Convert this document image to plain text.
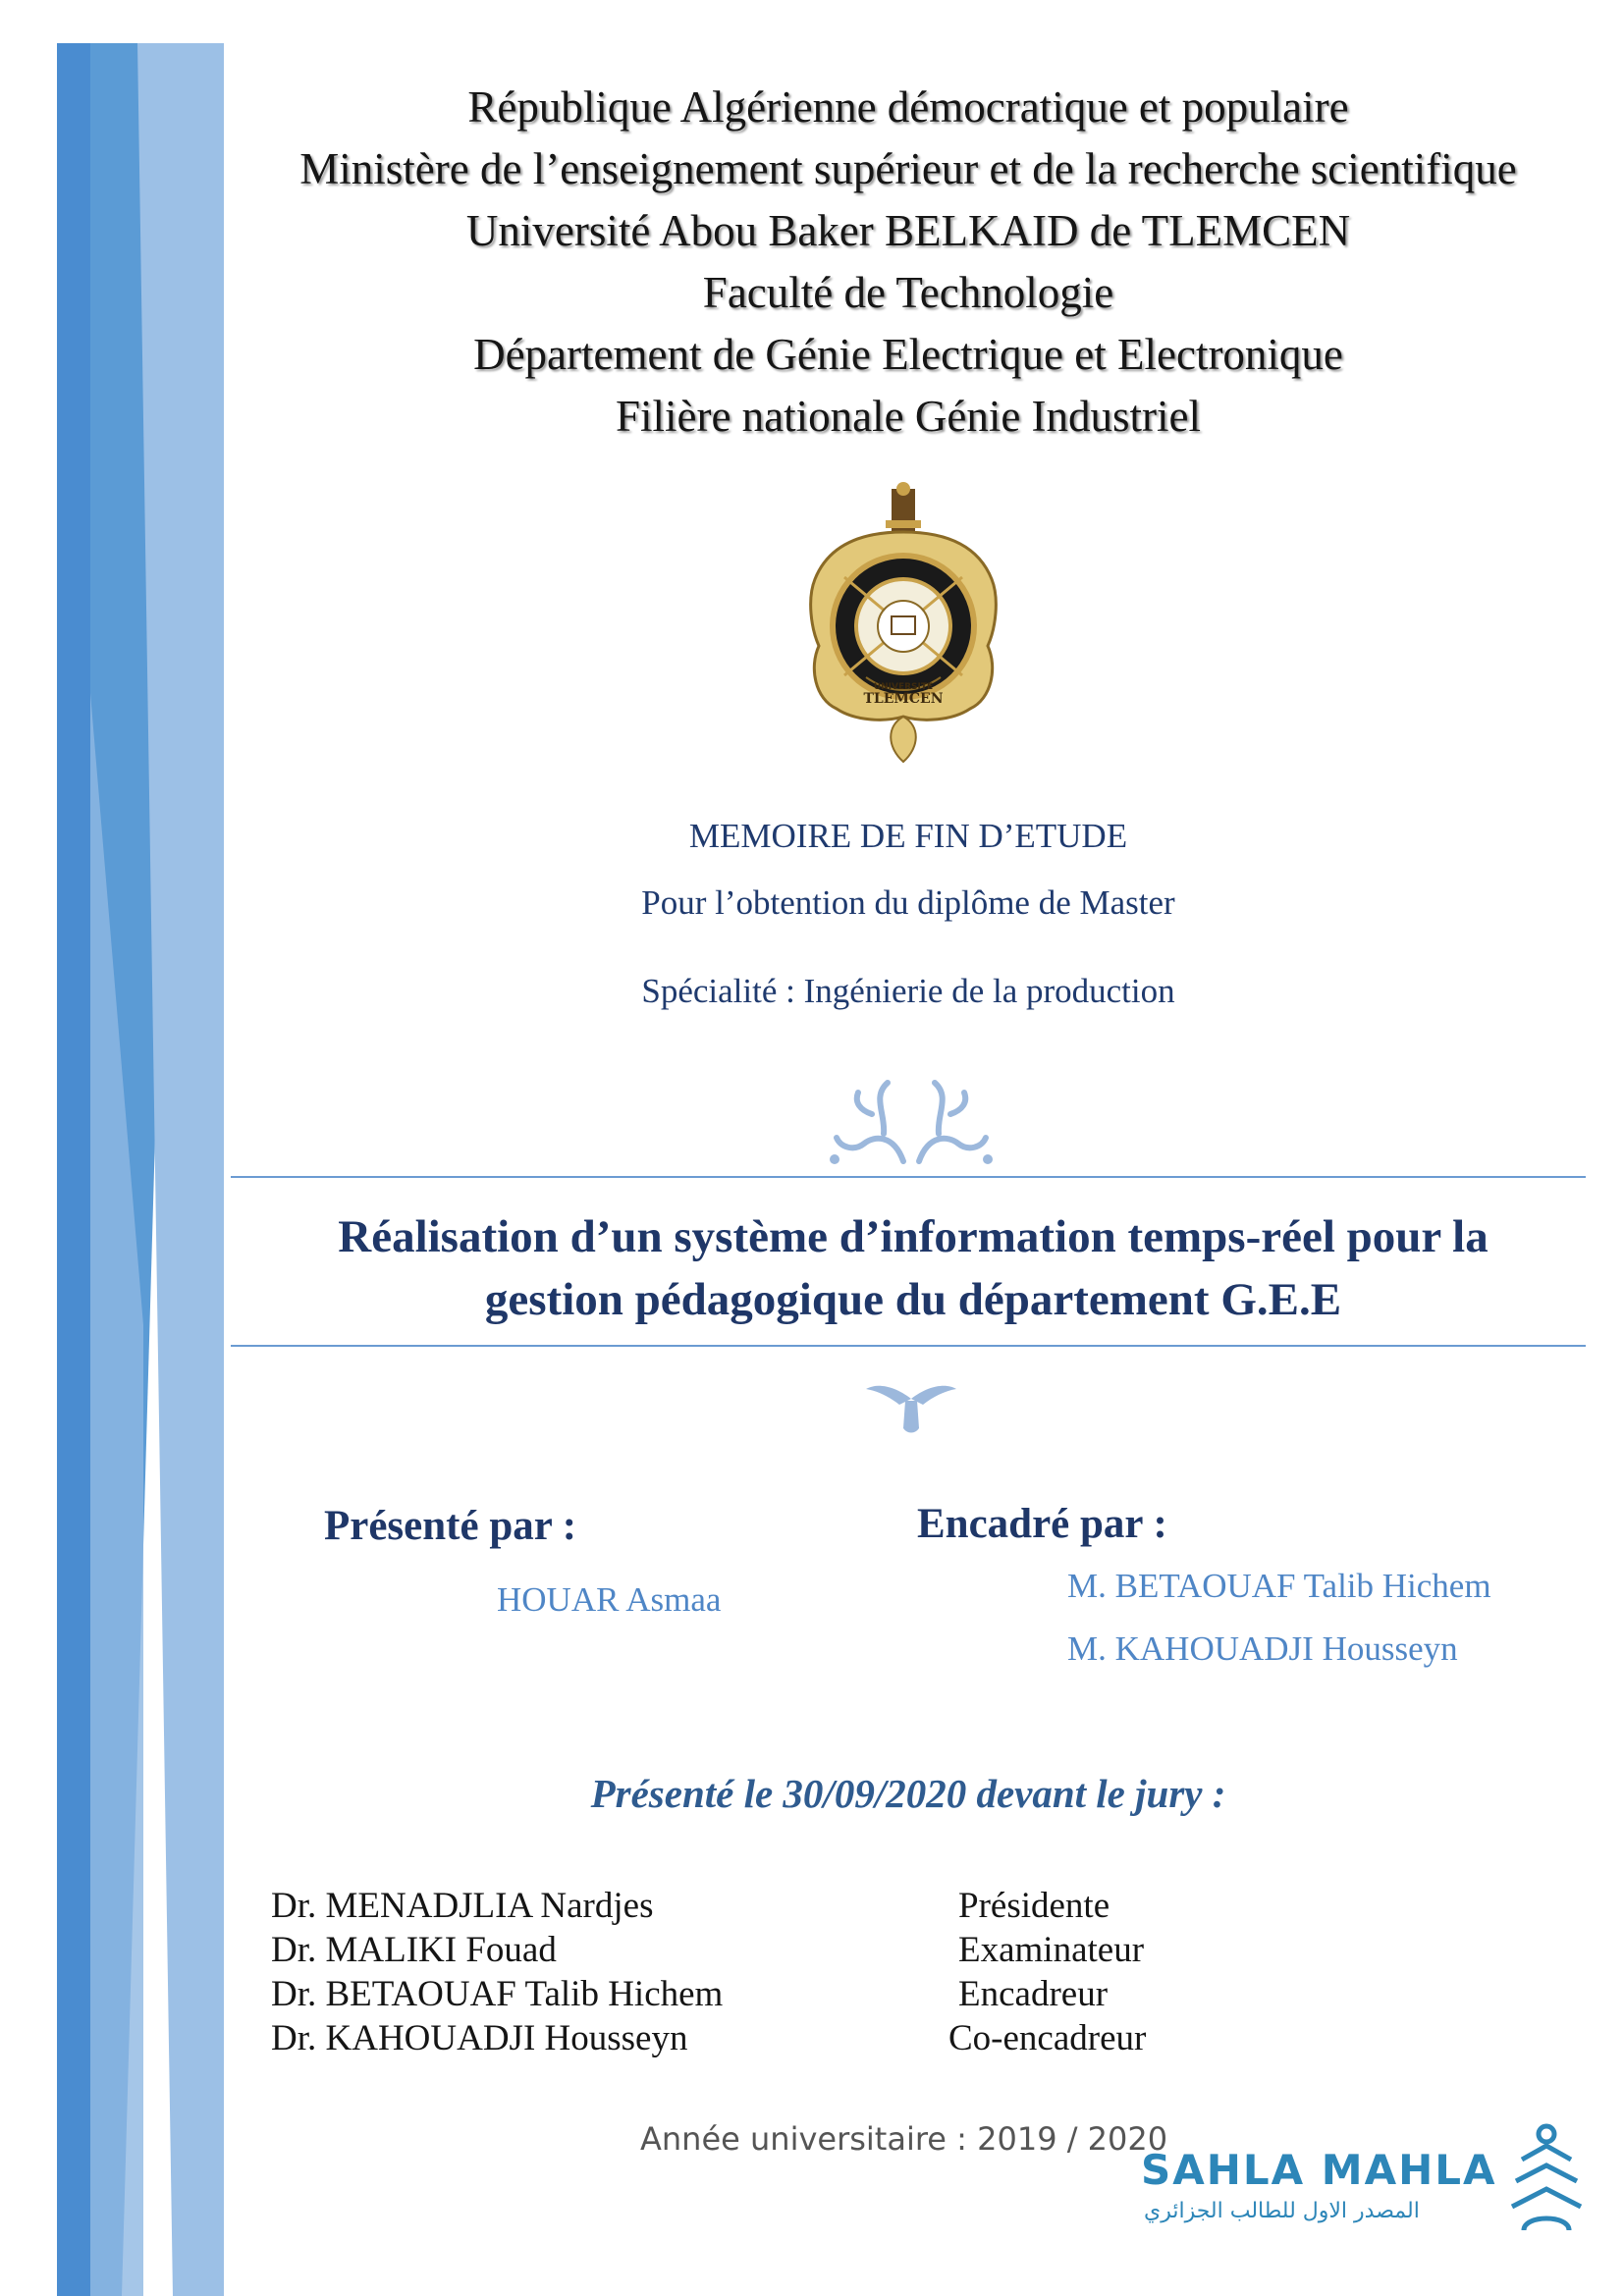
République Algérienne démocratique et populaire
Ministère de l’enseignement supérieur et de la recherche scientifique
Université Abou Baker BELKAID de TLEMCEN
Faculté de Technologie
Département de Génie Electrique et Electronique
Filière nationale Génie Industriel
UNIVERSITE
TLEMCEN
MEMOIRE DE FIN D’ETUDE
Pour l’obtention du diplôme de Master
Spécialité : Ingénierie de la production
Réalisation d’un système d’information temps-réel pour la
gestion pédagogique du département G.E.E
Présenté par :
HOUAR Asmaa
Encadré par :
M. BETAOUAF Talib Hichem
M. KAHOUADJI Housseyn
Présenté le 30/09/2020 devant le jury :
Dr. MENADJLIA Nardjes	Présidente
Dr. MALIKI Fouad	Examinateur
Dr. BETAOUAF Talib Hichem	Encadreur
Dr. KAHOUADJI Housseyn	Co-encadreur
Année universitaire : 2019 / 2020
SAHLA MAHLA
المصدر الاول للطالب الجزائري
